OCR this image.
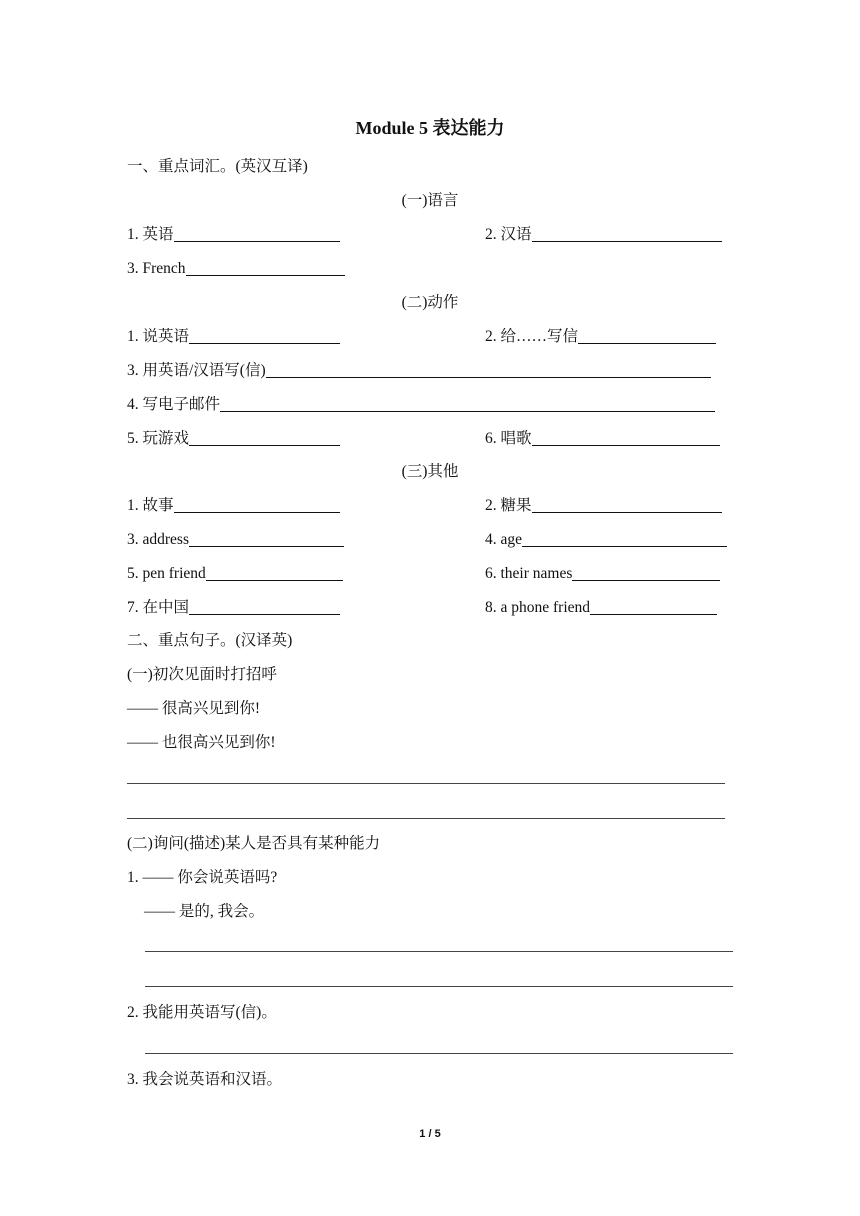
Module 5 表达能力
一、重点词汇。(英汉互译)
(一)语言
1. 英语	2. 汉语
3. French
(二)动作
1. 说英语	2. 给……写信
3. 用英语/汉语写(信)
4. 写电子邮件
5. 玩游戏	6. 唱歌
(三)其他
1. 故事	2. 糖果
3. address	4. age
5. pen friend	6. their names
7. 在中国	8. a phone friend
二、重点句子。(汉译英)
(一)初次见面时打招呼
—— 很高兴见到你!
—— 也很高兴见到你!
(二)询问(描述)某人是否具有某种能力
1. —— 你会说英语吗?
—— 是的, 我会。
2. 我能用英语写(信)。
3. 我会说英语和汉语。
1 / 5
